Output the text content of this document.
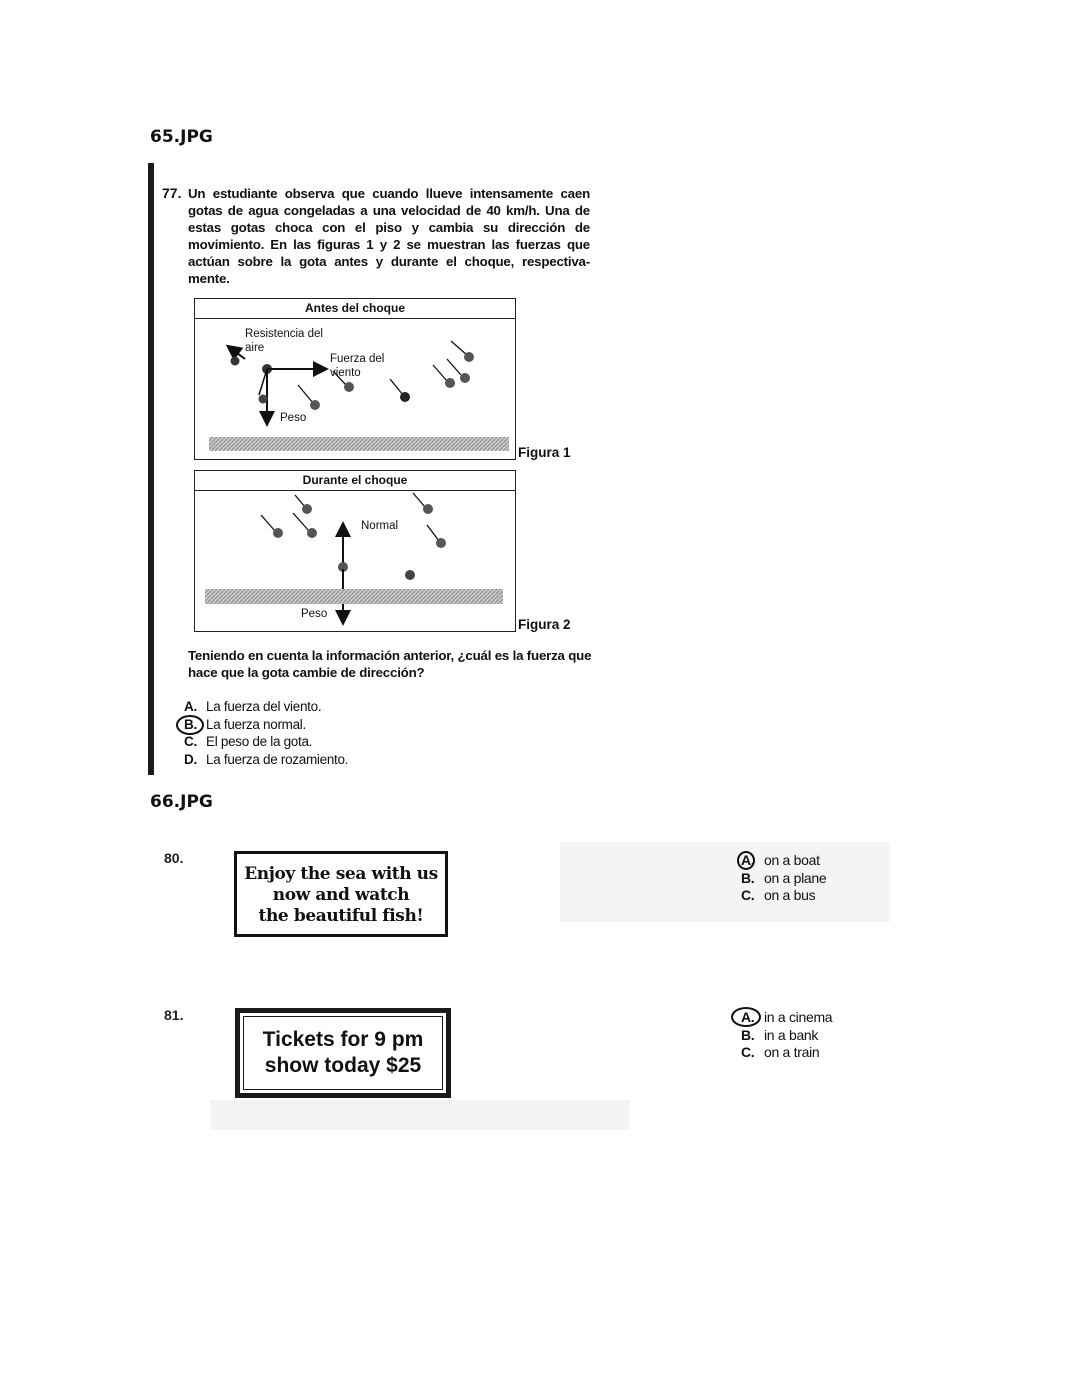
65.JPG
77. Un estudiante observa que cuando llueve intensamente caen gotas de agua congeladas a una velocidad de 40 km/h. Una de estas gotas choca con el piso y cambia su dirección de movimiento. En las figuras 1 y 2 se muestran las fuerzas que actúan sobre la gota antes y durante el choque, respectiva-mente.
Antes del choque
Resistencia del
aire
Fuerza del
viento
Peso
Figura 1
Durante el choque
Normal
Peso
Figura 2
Teniendo en cuenta la información anterior, ¿cuál es la fuerza que hace que la gota cambie de dirección?
A. La fuerza del viento.
B. La fuerza normal.
C. El peso de la gota.
D. La fuerza de rozamiento.
66.JPG
80.
Enjoy the sea with us
now and watch
the beautiful fish!
A. on a boat
B. on a plane
C. on a bus
81.
Tickets for 9 pm
show today $25
A. in a cinema
B. in a bank
C. on a train
